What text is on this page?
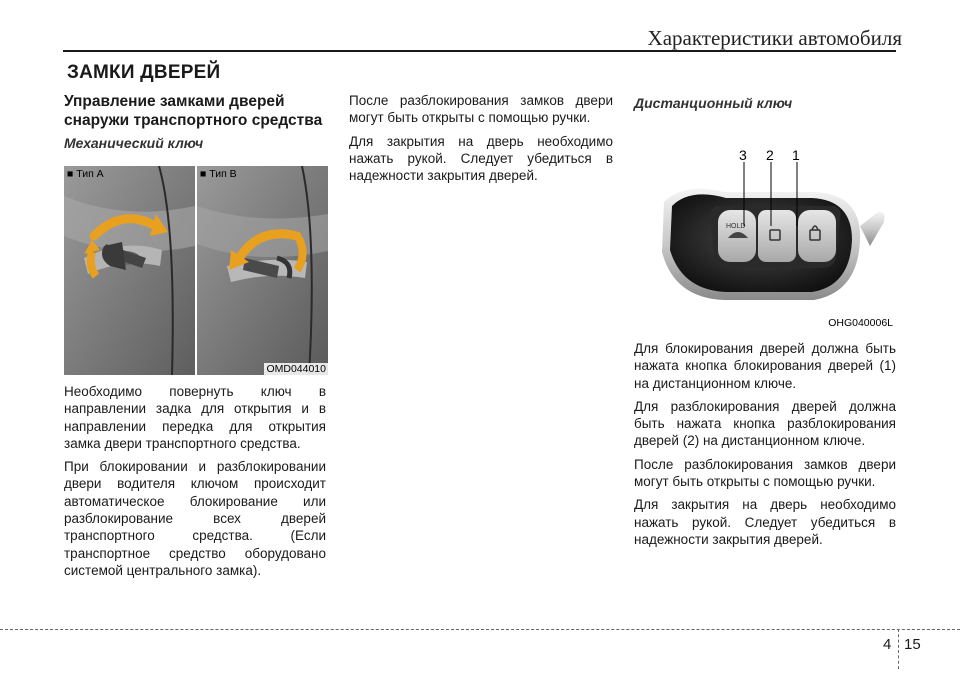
Характеристики автомобиля
ЗАМКИ ДВЕРЕЙ
Управление замками дверей снаружи транспортного средства
Механический ключ
■ Тип А	■ Тип B
OMD044010

Необходимо повернуть ключ в направлении задка для открытия и в направлении передка для открытия замка двери транспортного средства.

При блокировании и разблокировании двери водителя ключом происходит автоматическое блокирование или разблокирование всех дверей транспортного средства. (Если транспортное средство оборудовано системой центрального замка).

После разблокирования замков двери могут быть открыты с помощью ручки.

Для закрытия на дверь необходимо нажать рукой. Следует убедиться в надежности закрытия дверей.

Дистанционный ключ
HOLD
3 2 1
OHG040006L

Для блокирования дверей должна быть нажата кнопка блокирования дверей (1) на дистанционном ключе.

Для разблокирования дверей должна быть нажата кнопка разблокирования дверей (2) на дистанционном ключе.

После разблокирования замков двери могут быть открыты с помощью ручки.

Для закрытия на дверь необходимо нажать рукой. Следует убедиться в надежности закрытия дверей.

4 15
